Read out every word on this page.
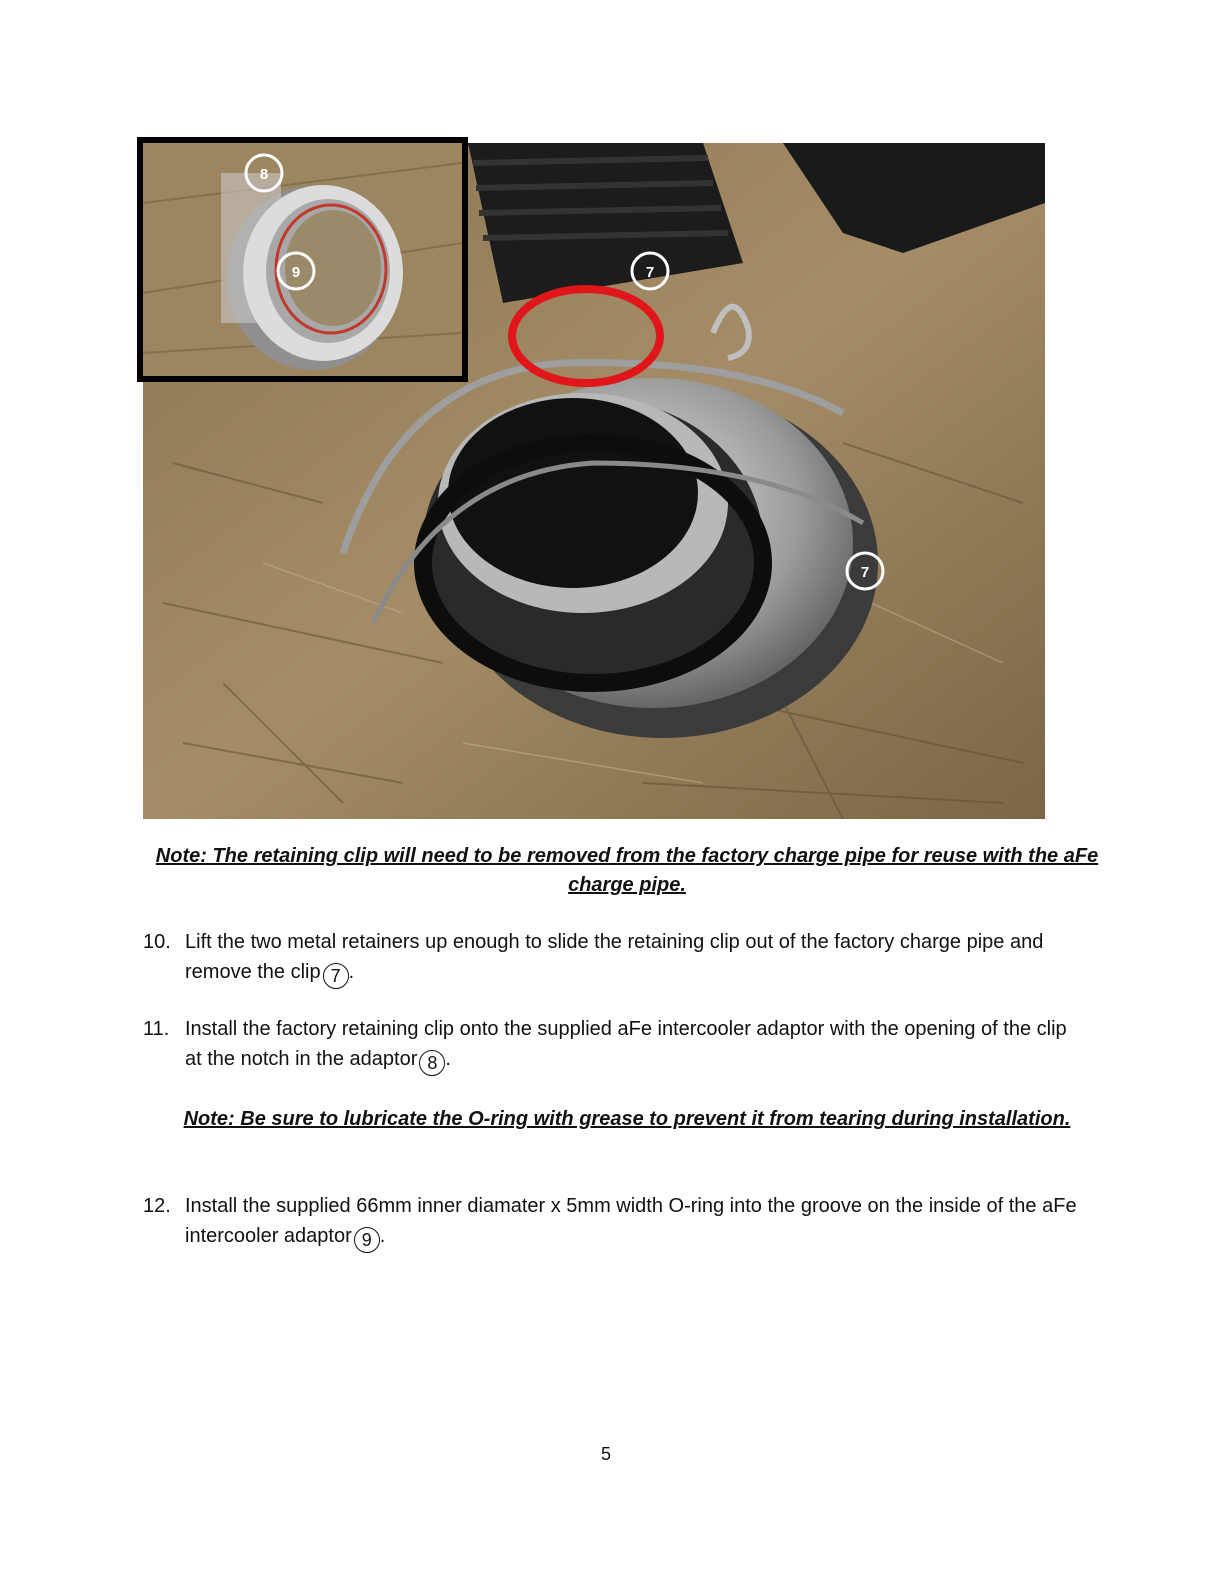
7
7
8
9
Note: The retaining clip will need to be removed from the factory charge pipe for reuse with the aFe charge pipe.
10. Lift the two metal retainers up enough to slide the retaining clip out of the factory charge pipe and remove the clip 7 .
11. Install the factory retaining clip onto the supplied aFe intercooler adaptor with the opening of the clip at the notch in the adaptor 8 .
Note: Be sure to lubricate the O-ring with grease to prevent it from tearing during installation.
12. Install the supplied 66mm inner diamater x 5mm width O-ring into the groove on the inside of the aFe intercooler adaptor 9 .
5
